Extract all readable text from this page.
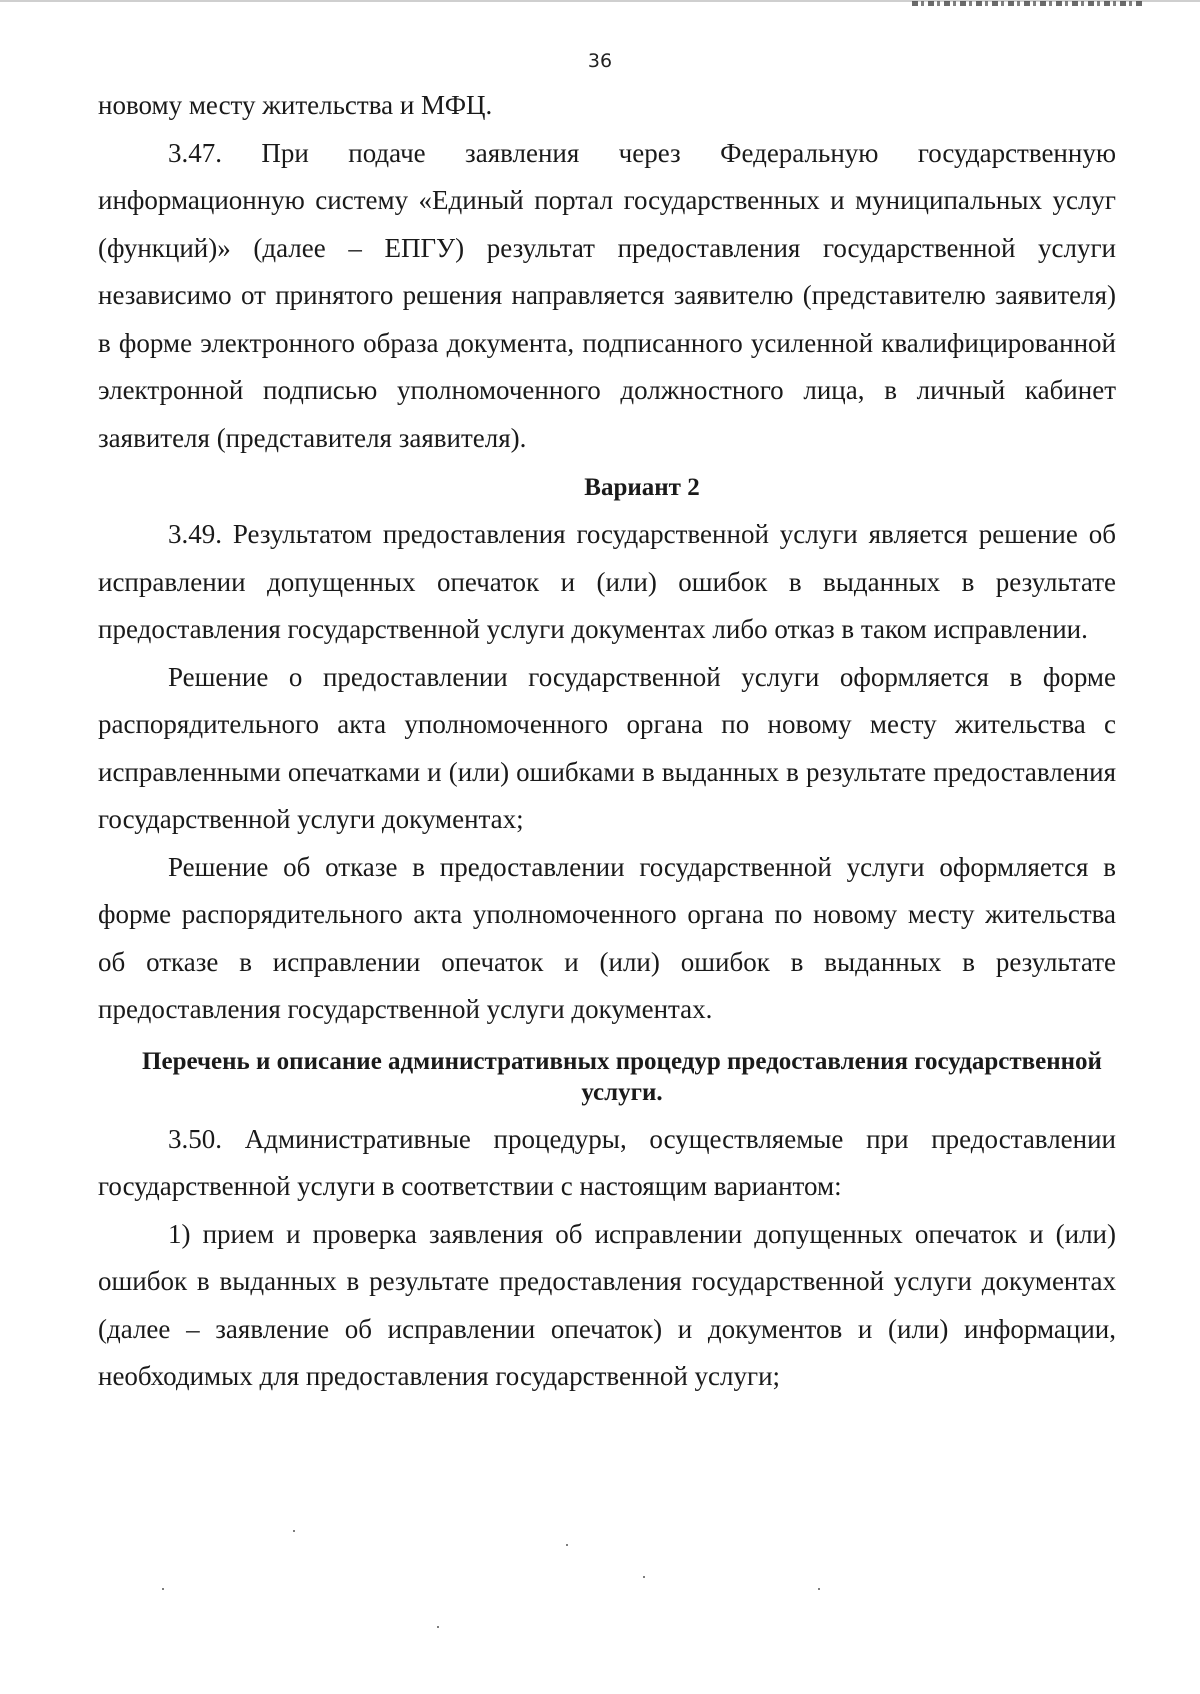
36

новому месту жительства и МФЦ.

3.47. При подаче заявления через Федеральную государственную информационную систему «Единый портал государственных и муниципальных услуг (функций)» (далее – ЕПГУ) результат предоставления государственной услуги независимо от принятого решения направляется заявителю (представителю заявителя) в форме электронного образа документа, подписанного усиленной квалифицированной электронной подписью уполномоченного должностного лица, в личный кабинет заявителя (представителя заявителя).

Вариант 2

3.49. Результатом предоставления государственной услуги является решение об исправлении допущенных опечаток и (или) ошибок в выданных в результате предоставления государственной услуги документах либо отказ в таком исправлении.

Решение о предоставлении государственной услуги оформляется в форме распорядительного акта уполномоченного органа по новому месту жительства с исправленными опечатками и (или) ошибками в выданных в результате предоставления государственной услуги документах;

Решение об отказе в предоставлении государственной услуги оформляется в форме распорядительного акта уполномоченного органа по новому месту жительства об отказе в исправлении опечаток и (или) ошибок в выданных в результате предоставления государственной услуги документах.

Перечень и описание административных процедур предоставления государственной услуги.

3.50. Административные процедуры, осуществляемые при предоставлении государственной услуги в соответствии с настоящим вариантом:

1) прием и проверка заявления об исправлении допущенных опечаток и (или) ошибок в выданных в результате предоставления государственной услуги документах (далее – заявление об исправлении опечаток) и документов и (или) информации, необходимых для предоставления государственной услуги;
